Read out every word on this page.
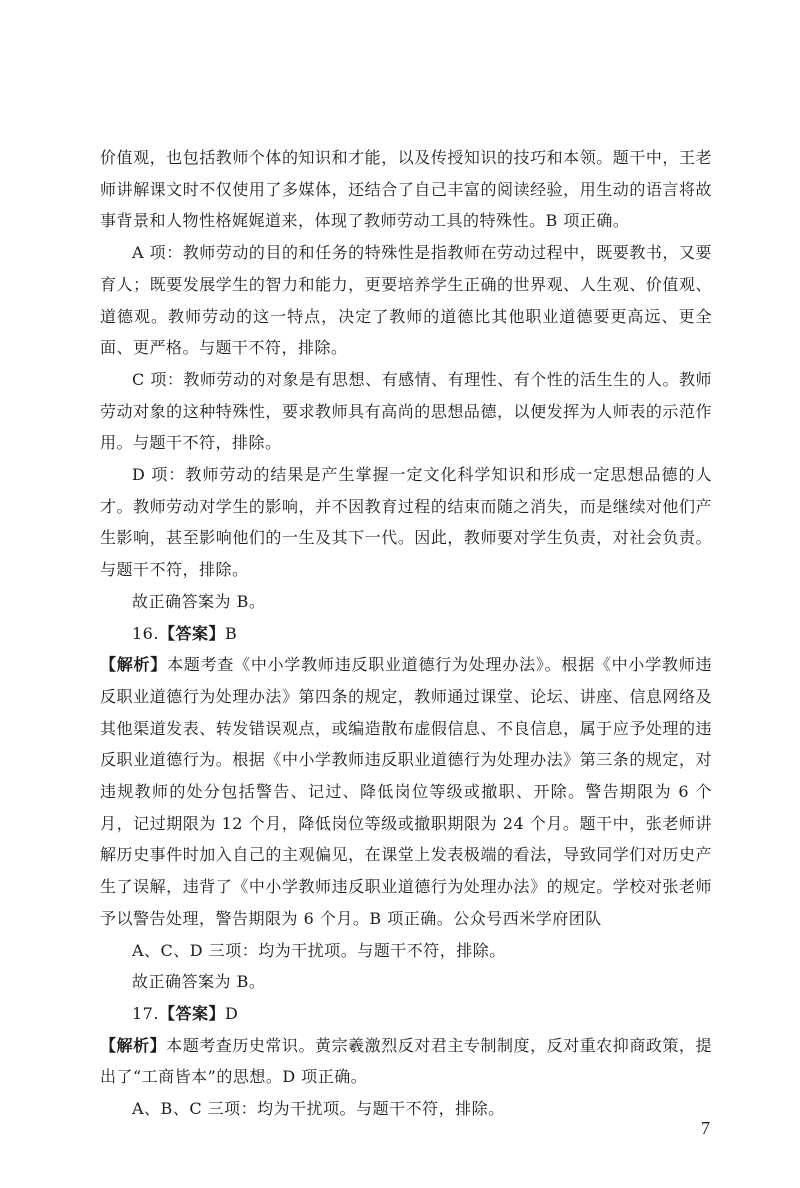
价值观，也包括教师个体的知识和才能，以及传授知识的技巧和本领。题干中，王老师讲解课文时不仅使用了多媒体，还结合了自己丰富的阅读经验，用生动的语言将故事背景和人物性格娓娓道来，体现了教师劳动工具的特殊性。B 项正确。

A 项：教师劳动的目的和任务的特殊性是指教师在劳动过程中，既要教书，又要育人；既要发展学生的智力和能力，更要培养学生正确的世界观、人生观、价值观、道德观。教师劳动的这一特点，决定了教师的道德比其他职业道德要更高远、更全面、更严格。与题干不符，排除。

C 项：教师劳动的对象是有思想、有感情、有理性、有个性的活生生的人。教师劳动对象的这种特殊性，要求教师具有高尚的思想品德，以便发挥为人师表的示范作用。与题干不符，排除。

D 项：教师劳动的结果是产生掌握一定文化科学知识和形成一定思想品德的人才。教师劳动对学生的影响，并不因教育过程的结束而随之消失，而是继续对他们产生影响，甚至影响他们的一生及其下一代。因此，教师要对学生负责，对社会负责。与题干不符，排除。

故正确答案为 B。

16.【答案】B

【解析】本题考查《中小学教师违反职业道德行为处理办法》。根据《中小学教师违反职业道德行为处理办法》第四条的规定，教师通过课堂、论坛、讲座、信息网络及其他渠道发表、转发错误观点，或编造散布虚假信息、不良信息，属于应予处理的违反职业道德行为。根据《中小学教师违反职业道德行为处理办法》第三条的规定，对违规教师的处分包括警告、记过、降低岗位等级或撤职、开除。警告期限为 6 个月，记过期限为 12 个月，降低岗位等级或撤职期限为 24 个月。题干中，张老师讲解历史事件时加入自己的主观偏见，在课堂上发表极端的看法，导致同学们对历史产生了误解，违背了《中小学教师违反职业道德行为处理办法》的规定。学校对张老师予以警告处理，警告期限为 6 个月。B 项正确。公众号西米学府团队

A、C、D 三项：均为干扰项。与题干不符，排除。

故正确答案为 B。

17.【答案】D

【解析】本题考查历史常识。黄宗羲激烈反对君主专制制度，反对重农抑商政策，提出了“工商皆本”的思想。D 项正确。

A、B、C 三项：均为干扰项。与题干不符，排除。

7
